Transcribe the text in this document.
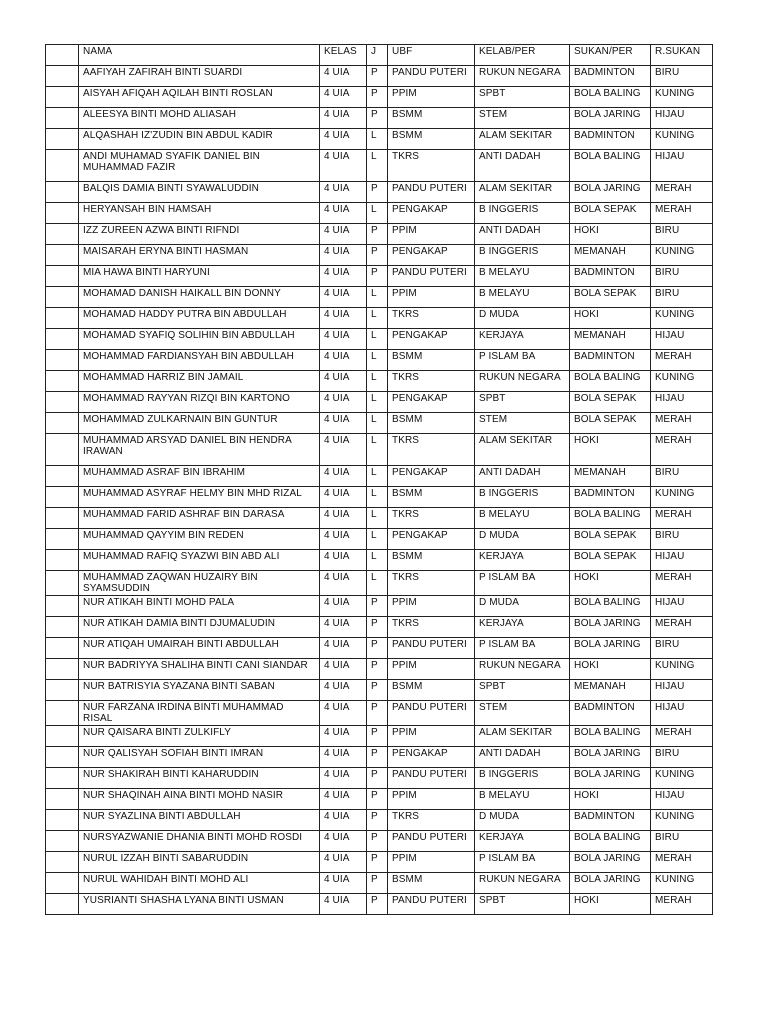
	NAMA	KELAS	J	UBF	KELAB/PER	SUKAN/PER	R.SUKAN
	AAFIYAH ZAFIRAH BINTI SUARDI	4 UIA	P	PANDU PUTERI	RUKUN NEGARA	BADMINTON	BIRU
	AISYAH AFIQAH AQILAH BINTI ROSLAN	4 UIA	P	PPIM	SPBT	BOLA BALING	KUNING
	ALEESYA BINTI MOHD ALIASAH	4 UIA	P	BSMM	STEM	BOLA JARING	HIJAU
	ALQASHAH IZ'ZUDIN BIN ABDUL KADIR	4 UIA	L	BSMM	ALAM SEKITAR	BADMINTON	KUNING
	ANDI MUHAMAD SYAFIK DANIEL BIN MUHAMMAD FAZIR	4 UIA	L	TKRS	ANTI DADAH	BOLA BALING	HIJAU
	BALQIS DAMIA BINTI SYAWALUDDIN	4 UIA	P	PANDU PUTERI	ALAM SEKITAR	BOLA JARING	MERAH
	HERYANSAH BIN HAMSAH	4 UIA	L	PENGAKAP	B INGGERIS	BOLA SEPAK	MERAH
	IZZ ZUREEN AZWA BINTI RIFNDI	4 UIA	P	PPIM	ANTI DADAH	HOKI	BIRU
	MAISARAH ERYNA BINTI HASMAN	4 UIA	P	PENGAKAP	B INGGERIS	MEMANAH	KUNING
	MIA HAWA BINTI HARYUNI	4 UIA	P	PANDU PUTERI	B MELAYU	BADMINTON	BIRU
	MOHAMAD DANISH HAIKALL BIN DONNY	4 UIA	L	PPIM	B MELAYU	BOLA SEPAK	BIRU
	MOHAMAD HADDY PUTRA BIN ABDULLAH	4 UIA	L	TKRS	D MUDA	HOKI	KUNING
	MOHAMAD SYAFIQ SOLIHIN BIN ABDULLAH	4 UIA	L	PENGAKAP	KERJAYA	MEMANAH	HIJAU
	MOHAMMAD FARDIANSYAH BIN ABDULLAH	4 UIA	L	BSMM	P ISLAM BA	BADMINTON	MERAH
	MOHAMMAD HARRIZ BIN JAMAIL	4 UIA	L	TKRS	RUKUN NEGARA	BOLA BALING	KUNING
	MOHAMMAD RAYYAN RIZQI BIN KARTONO	4 UIA	L	PENGAKAP	SPBT	BOLA SEPAK	HIJAU
	MOHAMMAD ZULKARNAIN BIN GUNTUR	4 UIA	L	BSMM	STEM	BOLA SEPAK	MERAH
	MUHAMMAD ARSYAD DANIEL BIN HENDRA IRAWAN	4 UIA	L	TKRS	ALAM SEKITAR	HOKI	MERAH
	MUHAMMAD ASRAF BIN IBRAHIM	4 UIA	L	PENGAKAP	ANTI DADAH	MEMANAH	BIRU
	MUHAMMAD ASYRAF HELMY BIN MHD RIZAL	4 UIA	L	BSMM	B INGGERIS	BADMINTON	KUNING
	MUHAMMAD FARID ASHRAF BIN DARASA	4 UIA	L	TKRS	B MELAYU	BOLA BALING	MERAH
	MUHAMMAD QAYYIM BIN REDEN	4 UIA	L	PENGAKAP	D MUDA	BOLA SEPAK	BIRU
	MUHAMMAD RAFIQ SYAZWI BIN ABD ALI	4 UIA	L	BSMM	KERJAYA	BOLA SEPAK	HIJAU
	MUHAMMAD ZAQWAN HUZAIRY BIN SYAMSUDDIN	4 UIA	L	TKRS	P ISLAM BA	HOKI	MERAH
	NUR ATIKAH BINTI MOHD PALA	4 UIA	P	PPIM	D MUDA	BOLA BALING	HIJAU
	NUR ATIKAH DAMIA BINTI DJUMALUDIN	4 UIA	P	TKRS	KERJAYA	BOLA JARING	MERAH
	NUR ATIQAH UMAIRAH BINTI ABDULLAH	4 UIA	P	PANDU PUTERI	P ISLAM BA	BOLA JARING	BIRU
	NUR BADRIYYA SHALIHA BINTI CANI SIANDAR	4 UIA	P	PPIM	RUKUN NEGARA	HOKI	KUNING
	NUR BATRISYIA SYAZANA BINTI SABAN	4 UIA	P	BSMM	SPBT	MEMANAH	HIJAU
	NUR FARZANA IRDINA BINTI MUHAMMAD RISAL	4 UIA	P	PANDU PUTERI	STEM	BADMINTON	HIJAU
	NUR QAISARA BINTI ZULKIFLY	4 UIA	P	PPIM	ALAM SEKITAR	BOLA BALING	MERAH
	NUR QALISYAH SOFIAH BINTI IMRAN	4 UIA	P	PENGAKAP	ANTI DADAH	BOLA JARING	BIRU
	NUR SHAKIRAH BINTI KAHARUDDIN	4 UIA	P	PANDU PUTERI	B INGGERIS	BOLA JARING	KUNING
	NUR SHAQINAH AINA BINTI MOHD NASIR	4 UIA	P	PPIM	B MELAYU	HOKI	HIJAU
	NUR SYAZLINA BINTI ABDULLAH	4 UIA	P	TKRS	D MUDA	BADMINTON	KUNING
	NURSYAZWANIE DHANIA BINTI MOHD ROSDI	4 UIA	P	PANDU PUTERI	KERJAYA	BOLA BALING	BIRU
	NURUL IZZAH BINTI SABARUDDIN	4 UIA	P	PPIM	P ISLAM BA	BOLA JARING	MERAH
	NURUL WAHIDAH BINTI MOHD ALI	4 UIA	P	BSMM	RUKUN NEGARA	BOLA JARING	KUNING
	YUSRIANTI SHASHA LYANA BINTI USMAN	4 UIA	P	PANDU PUTERI	SPBT	HOKI	MERAH
